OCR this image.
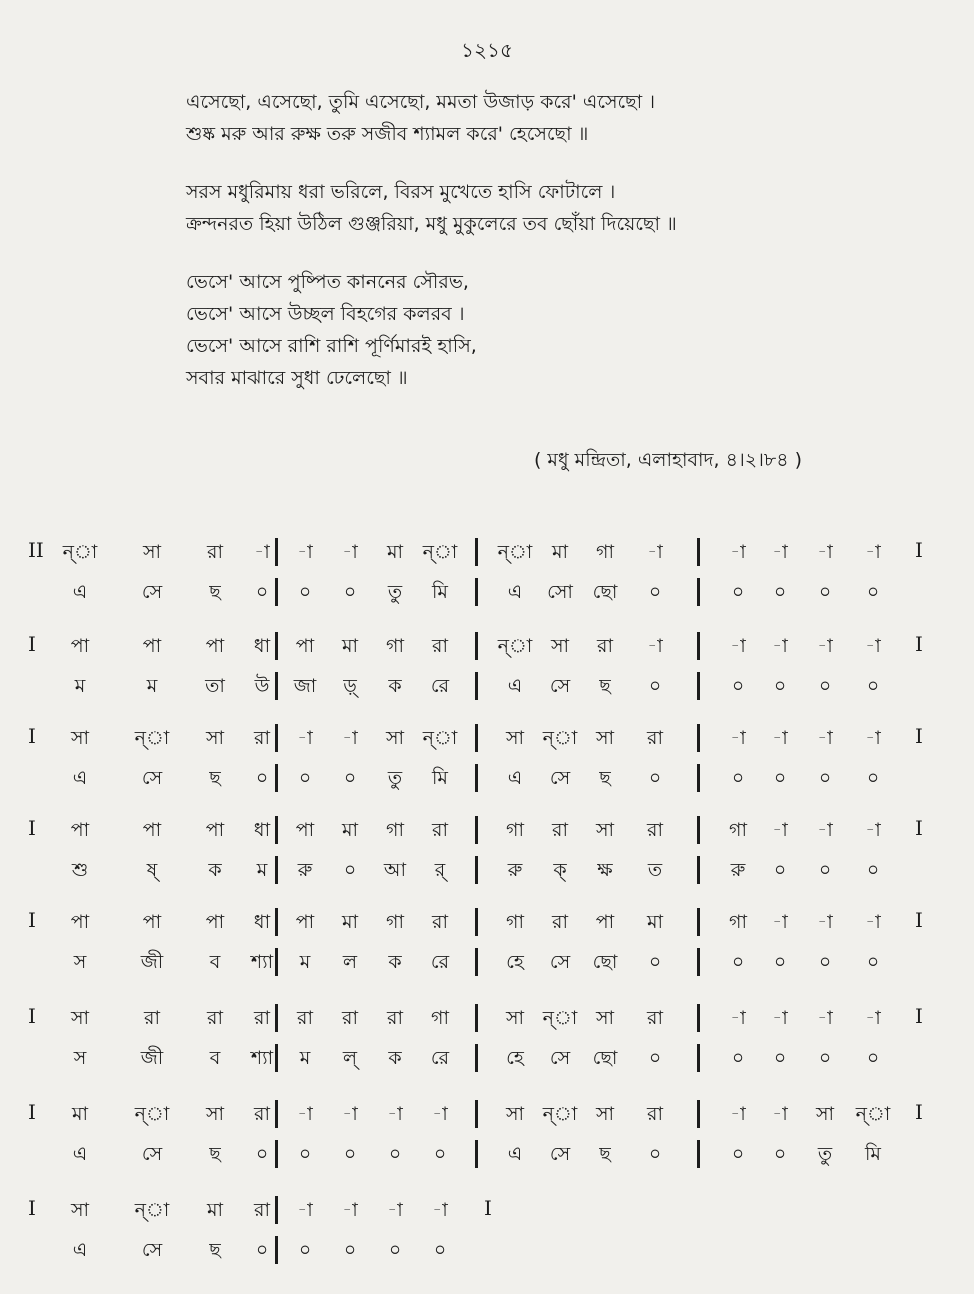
১২১৫
এসেছো, এসেছো, তুমি এসেছো, মমতা উজাড় করে' এসেছো ।
শুষ্ক মরু আর রুক্ষ তরু সজীব শ্যামল করে' হেসেছো ॥
সরস মধুরিমায় ধরা ভরিলে, বিরস মুখেতে হাসি ফোটালে ।
ক্রন্দনরত হিয়া উঠিল গুঞ্জরিয়া, মধু মুকুলেরে তব ছোঁয়া দিয়েছো ॥
ভেসে' আসে পুষ্পিত কাননের সৌরভ,
ভেসে' আসে উচ্ছল বিহগের কলরব ।
ভেসে' আসে রাশি রাশি পূর্ণিমারই হাসি,
সবার মাঝারে সুধা ঢেলেছো ॥
( মধু মন্দ্রিতা, এলাহাবাদ, ৪।২।৮৪ )
II ন্া
এ
সা
সে
রা
ছ
-া
০
-া
০
-া
০
মা
তু
ন্া
মি
ন্া
এ
মা
সো
গা
ছো
-া
০
-া
০
-া
০
-া
০
-া
০
I
I পা
ম
পা
ম
পা
তা
ধা
উ
পা
জা
মা
ড়্
গা
ক
রা
রে
ন্া
এ
সা
সে
রা
ছ
-া
০
-া
০
-া
০
-া
০
-া
০
I
I সা
এ
ন্া
সে
সা
ছ
রা
০
-া
০
-া
০
সা
তু
ন্া
মি
সা
এ
ন্া
সে
সা
ছ
রা
০
-া
০
-া
০
-া
০
-া
০
I
I পা
শু
পা
ষ্
পা
ক
ধা
ম
পা
রু
মা
০
গা
আ
রা
র্
গা
রু
রা
ক্
সা
ক্ষ
রা
ত
গা
রু
-া
০
-া
০
-া
০
I
I পা
স
পা
জী
পা
ব
ধা
শ্যা
পা
ম
মা
ল
গা
ক
রা
রে
গা
হে
রা
সে
পা
ছো
মা
০
গা
০
-া
০
-া
০
-া
০
I
I সা
স
রা
জী
রা
ব
রা
শ্যা
রা
ম
রা
ল্
রা
ক
গা
রে
সা
হে
ন্া
সে
সা
ছো
রা
০
-া
০
-া
০
-া
০
-া
০
I
I মা
এ
ন্া
সে
সা
ছ
রা
০
-া
০
-া
০
-া
০
-া
০
সা
এ
ন্া
সে
সা
ছ
রা
০
-া
০
-া
০
সা
তু
ন্া
মি
I
I সা
এ
ন্া
সে
মা
ছ
রা
০
-া
০
-া
০
-া
০
-া
০
I
